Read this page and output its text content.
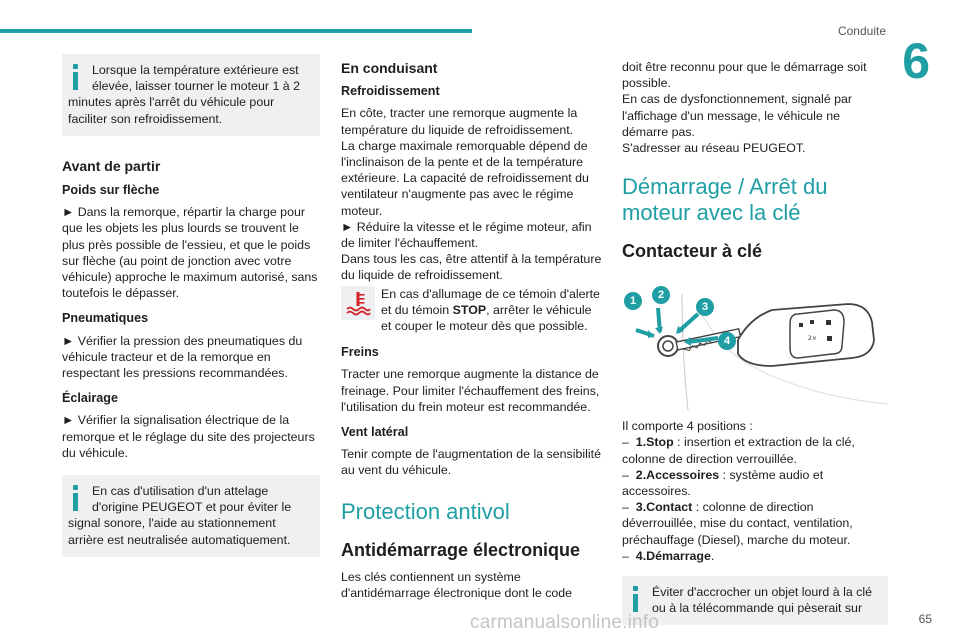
Conduite
6
Lorsque la température extérieure est élevée, laisser tourner le moteur 1 à 2 minutes après l'arrêt du véhicule pour faciliter son refroidissement.
Avant de partir
Poids sur flèche

► Dans la remorque, répartir la charge pour que les objets les plus lourds se trouvent le plus près possible de l'essieu, et que le poids sur flèche (au point de jonction avec votre véhicule) approche le maximum autorisé, sans toutefois le dépasser.

Pneumatiques

► Vérifier la pression des pneumatiques du véhicule tracteur et de la remorque en respectant les pressions recommandées.

Éclairage

► Vérifier la signalisation électrique de la remorque et le réglage du site des projecteurs du véhicule.

En cas d'utilisation d'un attelage d'origine PEUGEOT et pour éviter le signal sonore, l'aide au stationnement arrière est neutralisée automatiquement.
En conduisant
Refroidissement

En côte, tracter une remorque augmente la température du liquide de refroidissement.

La charge maximale remorquable dépend de l'inclinaison de la pente et de la température extérieure. La capacité de refroidissement du ventilateur n'augmente pas avec le régime moteur.

► Réduire la vitesse et le régime moteur, afin de limiter l'échauffement.

Dans tous les cas, être attentif à la température du liquide de refroidissement.

En cas d'allumage de ce témoin d'alerte et du témoin STOP, arrêter le véhicule et couper le moteur dès que possible.
Freins

Tracter une remorque augmente la distance de freinage. Pour limiter l'échauffement des freins, l'utilisation du frein moteur est recommandée.

Vent latéral

Tenir compte de l'augmentation de la sensibilité au vent du véhicule.

Protection antivol
Antidémarrage électronique

Les clés contiennent un système d'antidémarrage électronique dont le code

doit être reconnu pour que le démarrage soit possible.

En cas de dysfonctionnement, signalé par l'affichage d'un message, le véhicule ne démarre pas.

S'adresser au réseau PEUGEOT.

Démarrage / Arrêt du moteur avec la clé
Contacteur à clé
2×
1	2
3
4

Il comporte 4 positions :

– 1.Stop : insertion et extraction de la clé, colonne de direction verrouillée.

– 2.Accessoires : système audio et accessoires.

– 3.Contact : colonne de direction déverrouillée, mise du contact, ventilation, préchauffage (Diesel), marche du moteur.

– 4.Démarrage.

Éviter d'accrocher un objet lourd à la clé ou à la télécommande qui pèserait sur
carmanualsonline.info	65
